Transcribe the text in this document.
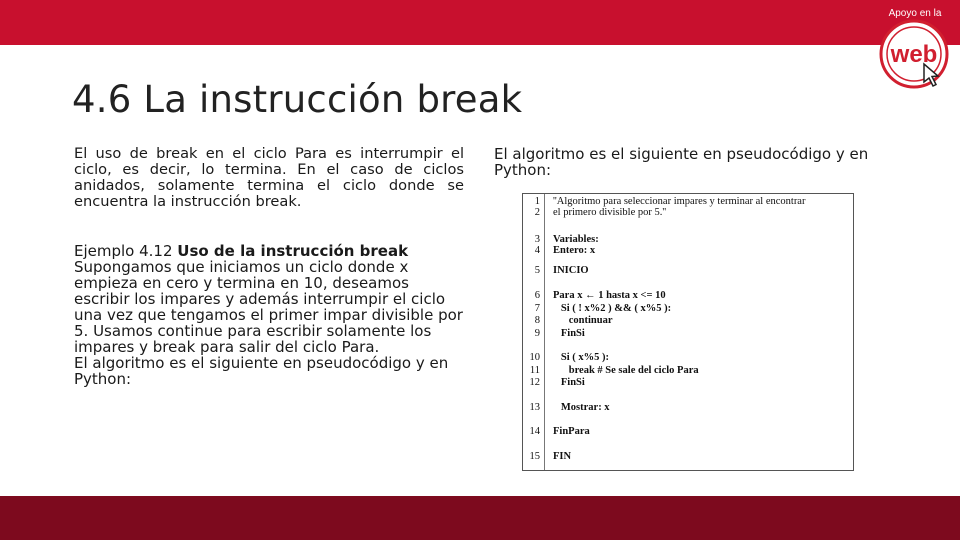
web
Apoyo en la
4.6 La instrucción break

El uso de break en el ciclo Para es interrumpir el ciclo, es decir, lo termina. En el caso de ciclos anidados, solamente termina el ciclo donde se encuentra la instrucción break.

Ejemplo 4.12 Uso de la instrucción break

Supongamos que iniciamos un ciclo donde x empieza en cero y termina en 10, deseamos escribir los impares y además interrumpir el ciclo una vez que tengamos el primer impar divisible por 5. Usamos continue para escribir solamente los impares y break para salir del ciclo Para.

El algoritmo es el siguiente en pseudocódigo y en Python:

El algoritmo es el siguiente en pseudocódigo y en Python:

1 ''Algoritmo para seleccionar impares y terminar al encontrar
2 el primero divisible por 5.''
3 Variables:
4 Entero: x
5 INICIO
6 Para x ← 1 hasta x <= 10
7 Si ( ! x%2 ) && ( x%5 ):
8 continuar
9 FinSi
10 Si ( x%5 ):
11 break # Se sale del ciclo Para
12 FinSi
13 Mostrar: x
14 FinPara
15 FIN
